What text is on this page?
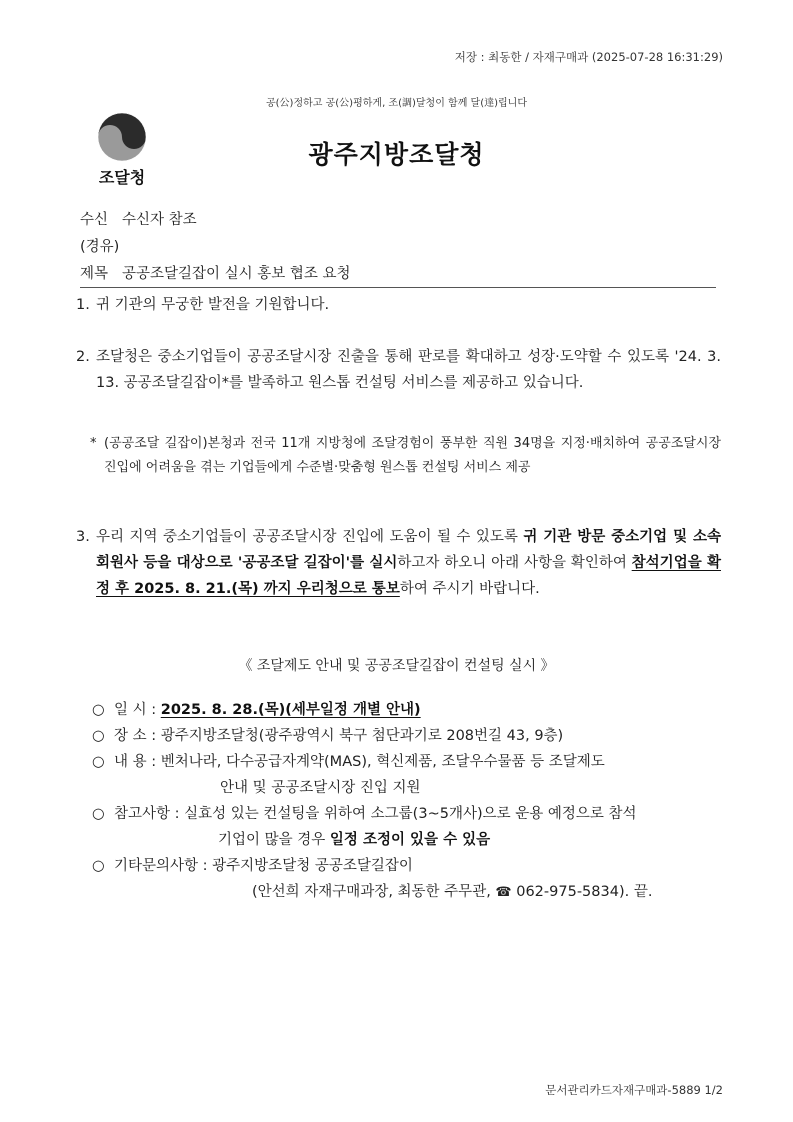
저장 : 최동한 / 자재구매과 (2025-07-28 16:31:29)
공(公)정하고 공(公)평하게, 조(調)달청이 함께 달(達)립니다
조달청
광주지방조달청
수신 수신자 참조
(경유)
제목 공공조달길잡이 실시 홍보 협조 요청
1. 귀 기관의 무궁한 발전을 기원합니다.
2. 조달청은 중소기업들이 공공조달시장 진출을 통해 판로를 확대하고 성장·도약할 수 있도록 '24. 3. 13. 공공조달길잡이*를 발족하고 원스톱 컨설팅 서비스를 제공하고 있습니다.
* (공공조달 길잡이)본청과 전국 11개 지방청에 조달경험이 풍부한 직원 34명을 지정·배치하여 공공조달시장 진입에 어려움을 겪는 기업들에게 수준별·맞춤형 원스톱 컨설팅 서비스 제공
3. 우리 지역 중소기업들이 공공조달시장 진입에 도움이 될 수 있도록 귀 기관 방문 중소기업 및 소속 회원사 등을 대상으로 '공공조달 길잡이'를 실시하고자 하오니 아래 사항을 확인하여 참석기업을 확정 후 2025. 8. 21.(목) 까지 우리청으로 통보하여 주시기 바랍니다.
《 조달제도 안내 및 공공조달길잡이 컨설팅 실시 》
○ 일 시 : 2025. 8. 28.(목)(세부일정 개별 안내)
○ 장 소 : 광주지방조달청(광주광역시 북구 첨단과기로 208번길 43, 9층)
○ 내 용 : 벤처나라, 다수공급자계약(MAS), 혁신제품, 조달우수물품 등 조달제도
안내 및 공공조달시장 진입 지원
○ 참고사항 : 실효성 있는 컨설팅을 위하여 소그룹(3~5개사)으로 운용 예정으로 참석
기업이 많을 경우 일정 조정이 있을 수 있음
○ 기타문의사항 : 광주지방조달청 공공조달길잡이
(안선희 자재구매과장, 최동한 주무관, ☎ 062-975-5834). 끝.
문서관리카드자재구매과-5889 1/2
